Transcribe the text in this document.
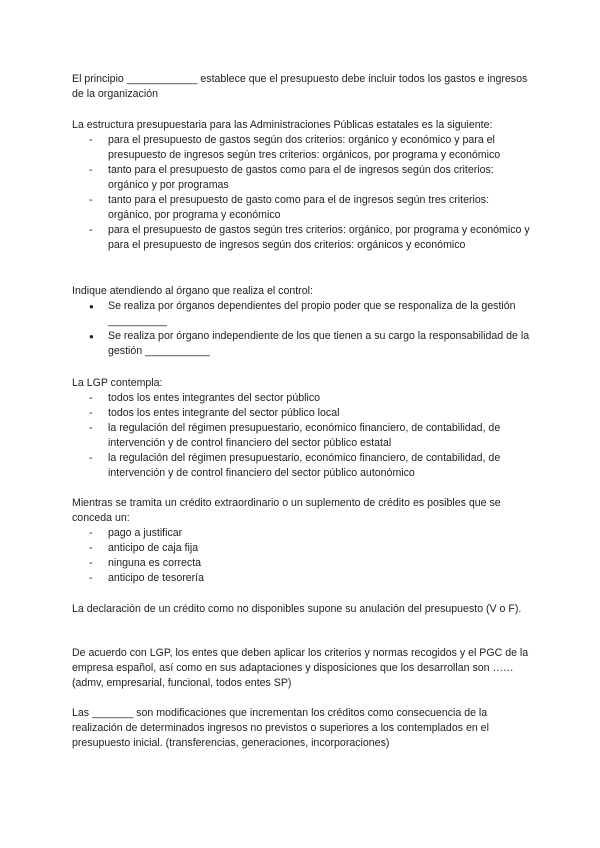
El principio ____________ establece que el presupuesto debe incluir todos los gastos e ingresos de la organización

La estructura presupuestaria para las Administraciones Públicas estatales es la siguiente:

- para el presupuesto de gastos según dos criterios: orgánico y económico y para el presupuesto de ingresos según tres criterios: orgánicos, por programa y económico
- tanto para el presupuesto de gastos como para el de ingresos según dos criterios: orgánico y por programas
- tanto para el presupuesto de gasto como para el de ingresos según tres criterios: orgánico, por programa y económico
- para el presupuesto de gastos según tres criterios: orgánico, por programa y económico y para el presupuesto de ingresos según dos criterios: orgánicos y económico

Indique atendiendo al órgano que realiza el control:

● Se realiza por órganos dependientes del propio poder que se responaliza de la gestión __________
● Se realiza por órgano independiente de los que tienen a su cargo la responsabilidad de la gestión ___________

La LGP contempla:

- todos los entes integrantes del sector público
- todos los entes integrante del sector público local
- la regulación del régimen presupuestario, económico financiero, de contabilidad, de intervención y de control financiero del sector público estatal
- la regulación del régimen presupuestario, económico financiero, de contabilidad, de intervención y de control financiero del sector público autonómico

Mientras se tramita un crédito extraordinario o un suplemento de crédito es posibles que se conceda un:

- pago a justificar
- anticipo de caja fija
- ninguna es correcta
- anticipo de tesorería

La declaración de un crédito como no disponibles supone su anulación del presupuesto (V o F).

De acuerdo con LGP, los entes que deben aplicar los criterios y normas recogidos y el PGC de la empresa español, así como en sus adaptaciones y disposiciones que los desarrollan son …… (admv, empresarial, funcional, todos entes SP)

Las _______ son modificaciones que incrementan los créditos como consecuencia de la realización de determinados ingresos no previstos o superiores a los contemplados en el presupuesto inicial. (transferencias, generaciones, incorporaciones)
